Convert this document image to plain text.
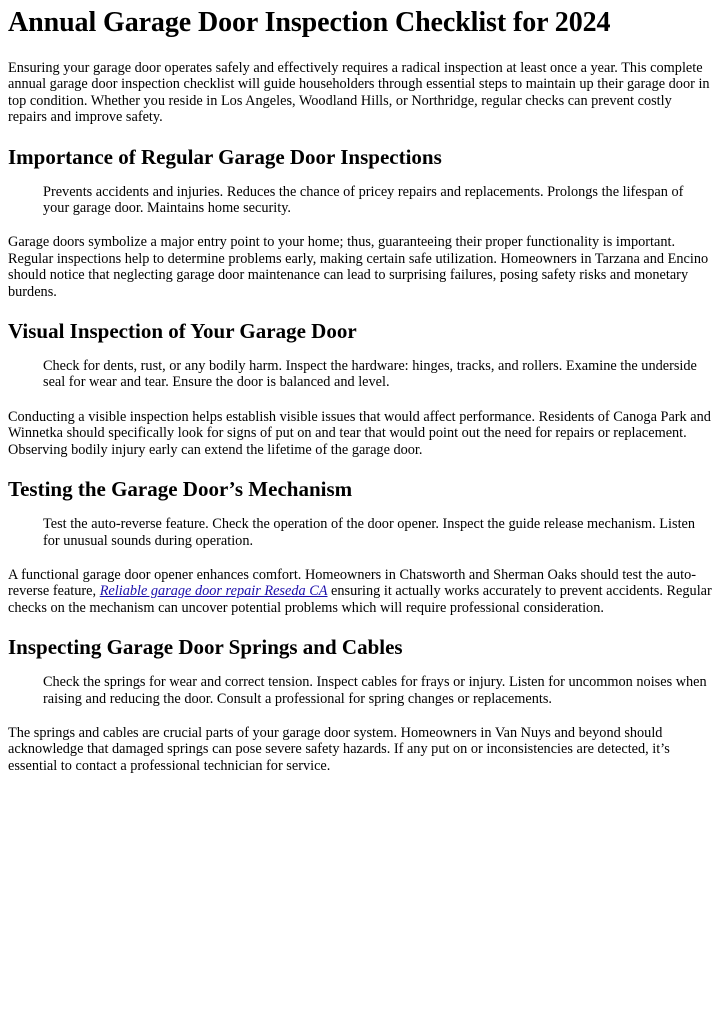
Annual Garage Door Inspection Checklist for 2024

Ensuring your garage door operates safely and effectively requires a radical inspection at least once a year. This complete annual garage door inspection checklist will guide householders through essential steps to maintain up their garage door in top condition. Whether you reside in Los Angeles, Woodland Hills, or Northridge, regular checks can prevent costly repairs and improve safety.

Importance of Regular Garage Door Inspections
Prevents accidents and injuries. Reduces the chance of pricey repairs and replacements. Prolongs the lifespan of your garage door. Maintains home security.

Garage doors symbolize a major entry point to your home; thus, guaranteeing their proper functionality is important. Regular inspections help to determine problems early, making certain safe utilization. Homeowners in Tarzana and Encino should notice that neglecting garage door maintenance can lead to surprising failures, posing safety risks and monetary burdens.

Visual Inspection of Your Garage Door
Check for dents, rust, or any bodily harm. Inspect the hardware: hinges, tracks, and rollers. Examine the underside seal for wear and tear. Ensure the door is balanced and level.

Conducting a visible inspection helps establish visible issues that would affect performance. Residents of Canoga Park and Winnetka should specifically look for signs of put on and tear that would point out the need for repairs or replacement. Observing bodily injury early can extend the lifetime of the garage door.

Testing the Garage Door’s Mechanism
Test the auto-reverse feature. Check the operation of the door opener. Inspect the guide release mechanism. Listen for unusual sounds during operation.

A functional garage door opener enhances comfort. Homeowners in Chatsworth and Sherman Oaks should test the auto-reverse feature, Reliable garage door repair Reseda CA ensuring it actually works accurately to prevent accidents. Regular checks on the mechanism can uncover potential problems which will require professional consideration.

Inspecting Garage Door Springs and Cables
Check the springs for wear and correct tension. Inspect cables for frays or injury. Listen for uncommon noises when raising and reducing the door. Consult a professional for spring changes or replacements.

The springs and cables are crucial parts of your garage door system. Homeowners in Van Nuys and beyond should acknowledge that damaged springs can pose severe safety hazards. If any put on or inconsistencies are detected, it’s essential to contact a professional technician for service.
